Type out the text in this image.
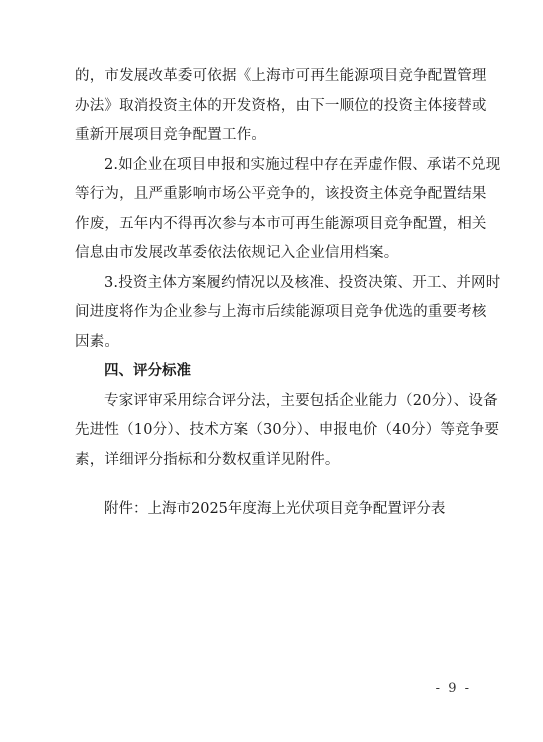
的，市发展改革委可依据《上海市可再生能源项目竞争配置管理
办法》取消投资主体的开发资格，由下一顺位的投资主体接替或
重新开展项目竞争配置工作。

2.如企业在项目申报和实施过程中存在弄虚作假、承诺不兑现
等行为，且严重影响市场公平竞争的，该投资主体竞争配置结果
作废，五年内不得再次参与本市可再生能源项目竞争配置，相关
信息由市发展改革委依法依规记入企业信用档案。

3.投资主体方案履约情况以及核准、投资决策、开工、并网时
间进度将作为企业参与上海市后续能源项目竞争优选的重要考核
因素。

四、评分标准

专家评审采用综合评分法，主要包括企业能力（20分）、设备
先进性（10分）、技术方案（30分）、申报电价（40分）等竞争要
素，详细评分指标和分数权重详见附件。

附件：上海市2025年度海上光伏项目竞争配置评分表

- 9 -
